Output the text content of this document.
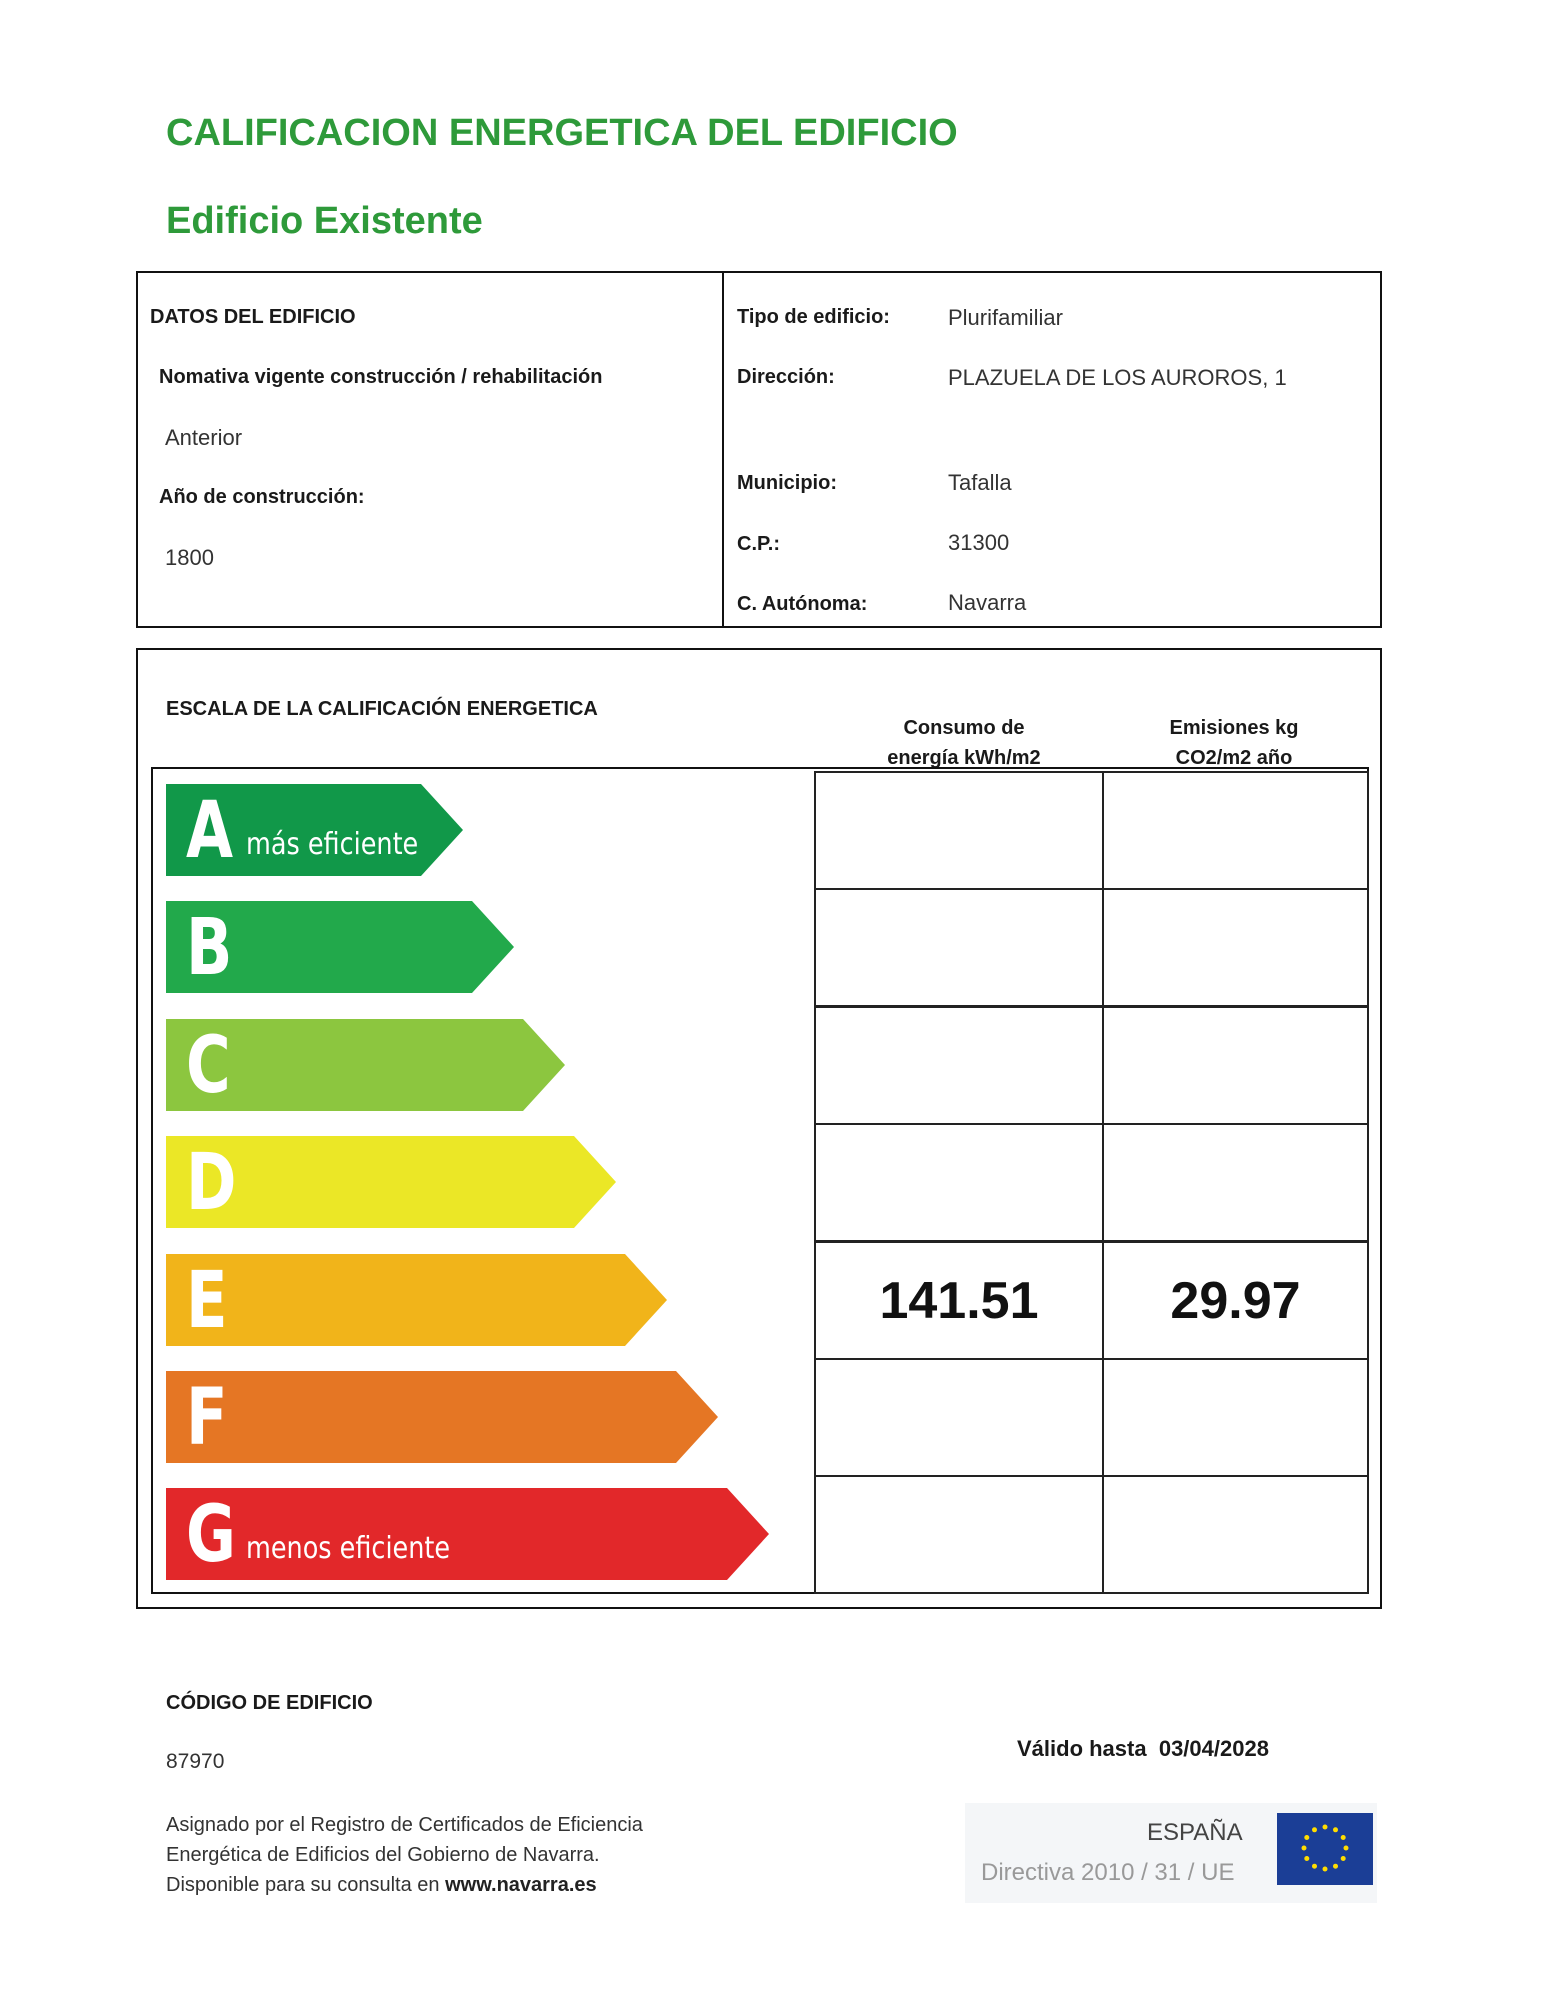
CALIFICACION ENERGETICA DEL EDIFICIO
Edificio Existente
DATOS DEL EDIFICIO
Nomativa vigente construcción / rehabilitación
Anterior
Año de construcción:
1800
Tipo de edificio:	Plurifamiliar
Dirección:	PLAZUELA DE LOS AUROROS, 1
Municipio:	Tafalla
C.P.:	31300
C. Autónoma:	Navarra
ESCALA DE LA CALIFICACIÓN ENERGETICA
Consumo de
energía kWh/m2
Emisiones kg
CO2/m2 año
A más eficiente
B
C
D
E	141.51	29.97
F
G menos eficiente
CÓDIGO DE EDIFICIO
87970
Asignado por el Registro de Certificados de Eficiencia
Energética de Edificios del Gobierno de Navarra.
Disponible para su consulta en www.navarra.es
Válido hasta 03/04/2028
ESPAÑA
Directiva 2010 / 31 / UE
